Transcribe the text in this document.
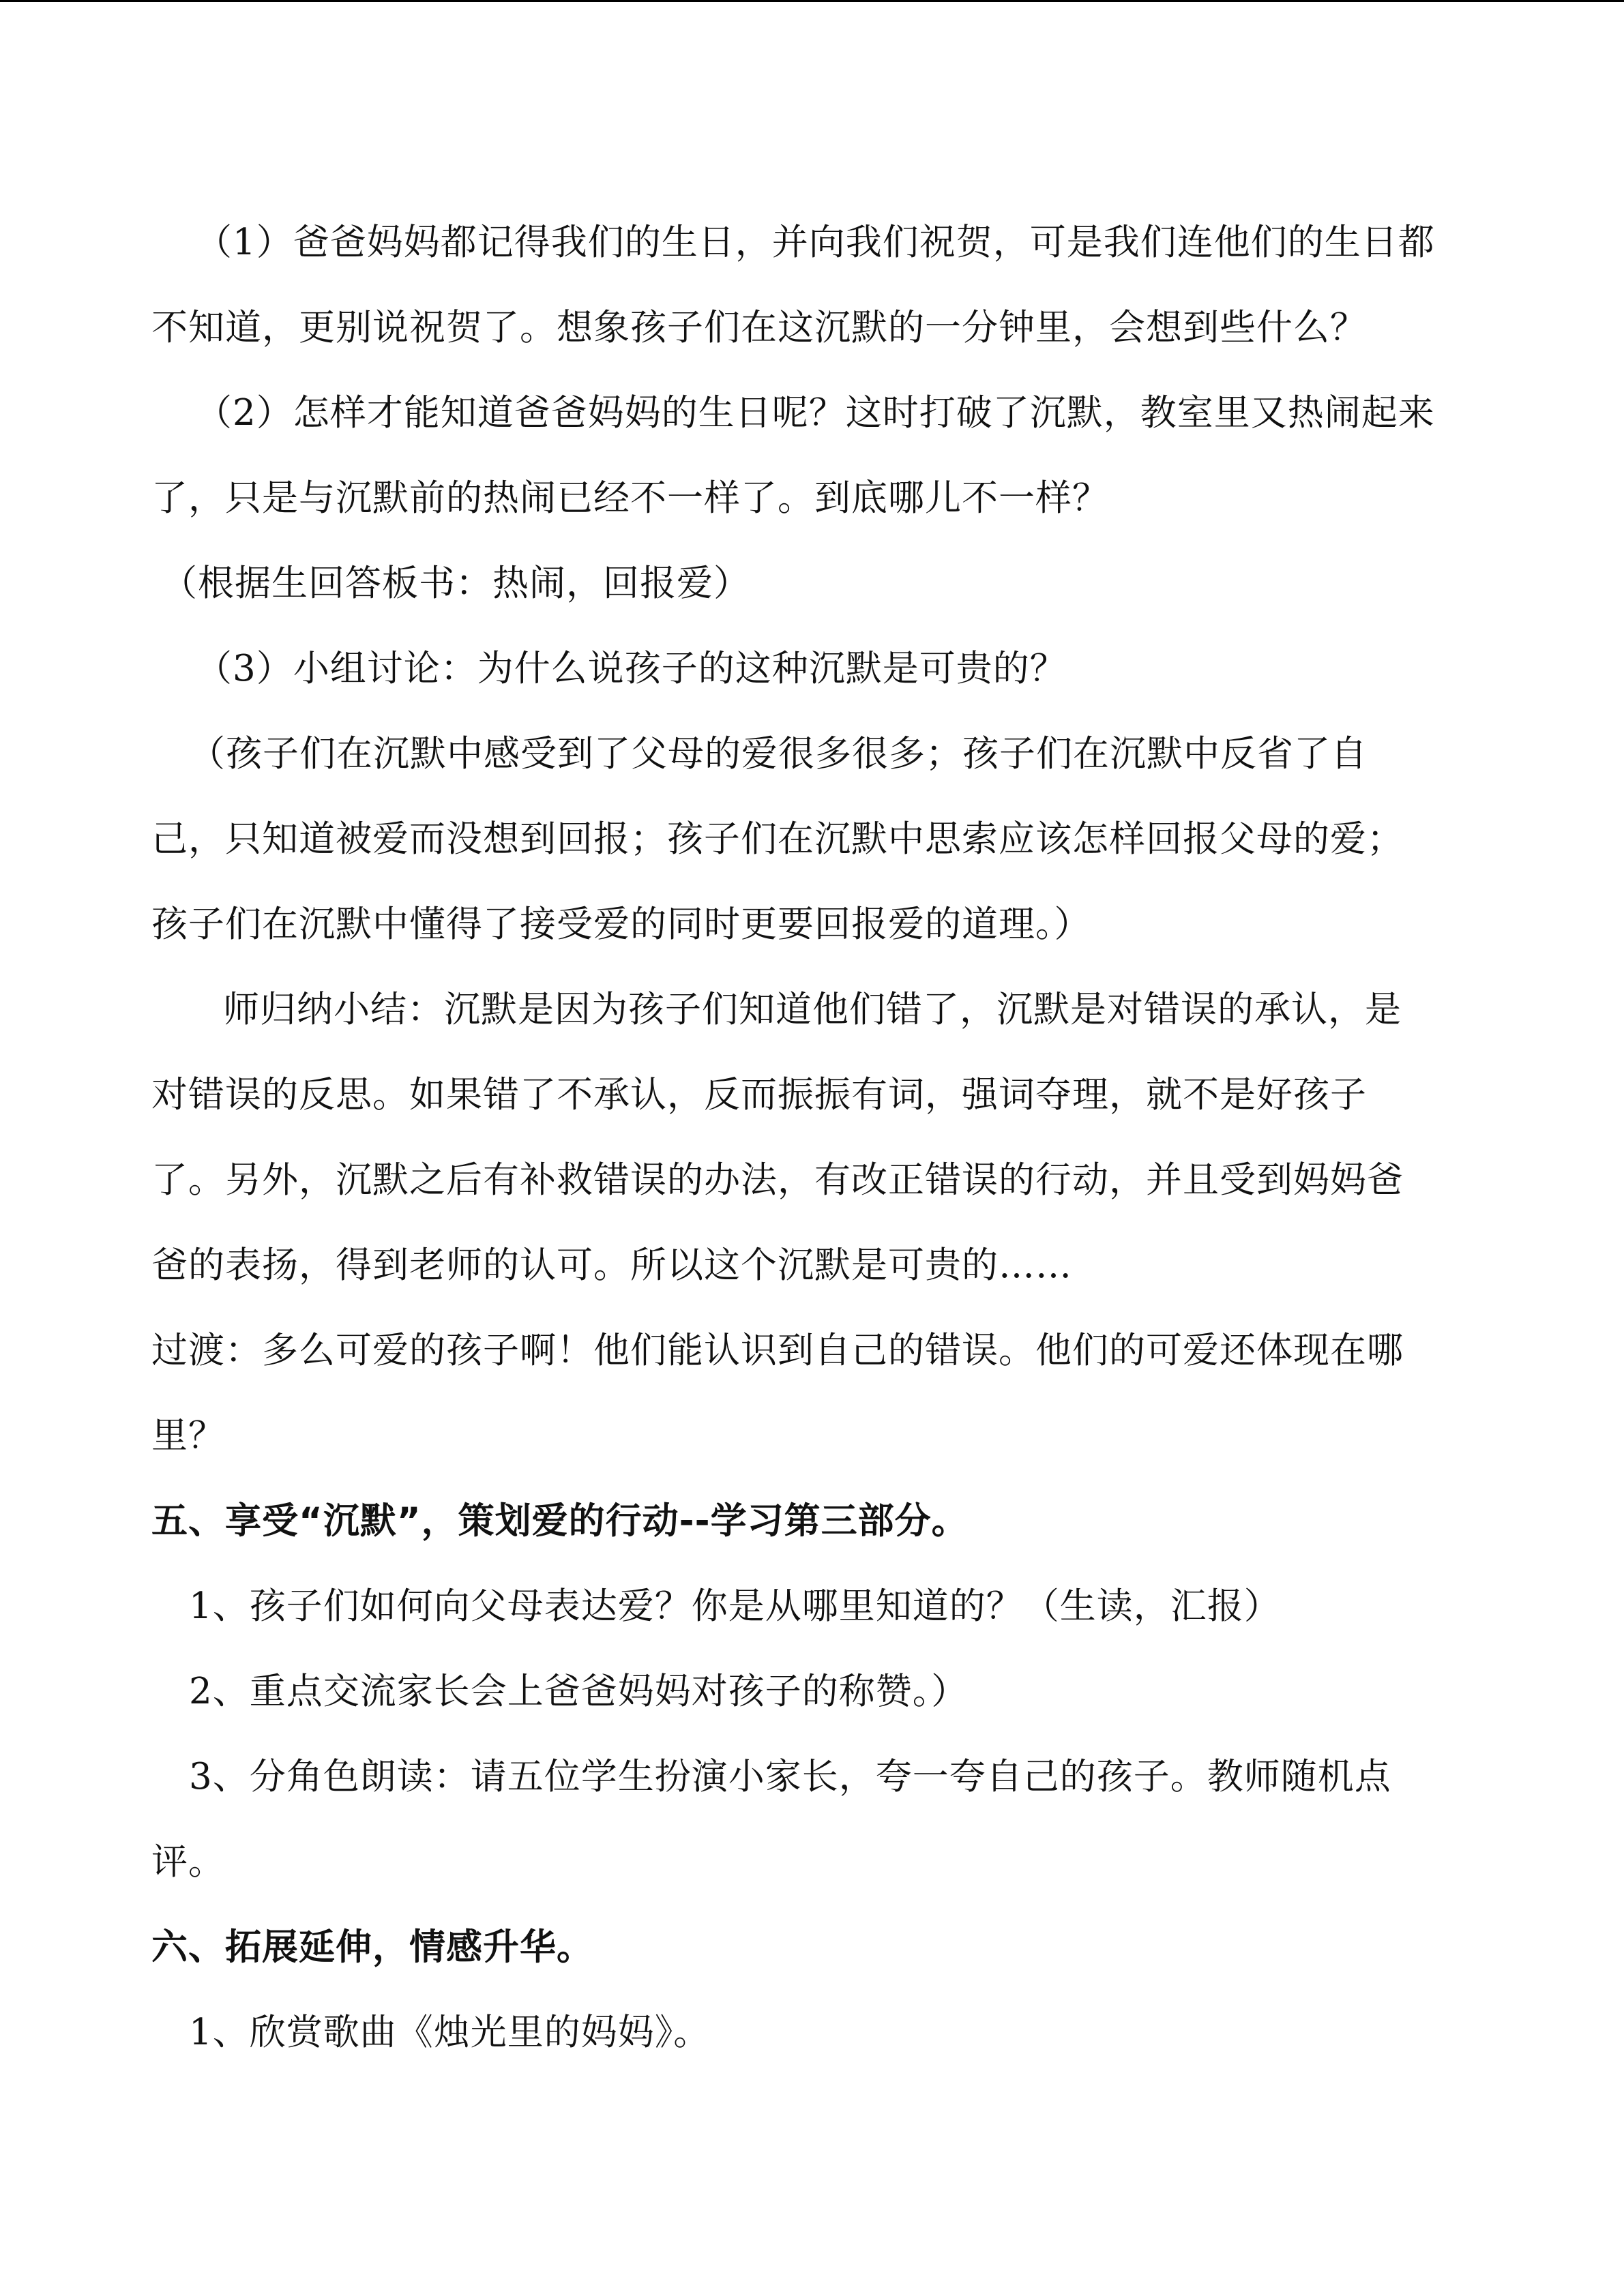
（1）爸爸妈妈都记得我们的生日，并向我们祝贺，可是我们连他们的生日都
不知道，更别说祝贺了。想象孩子们在这沉默的一分钟里，会想到些什么？
（2）怎样才能知道爸爸妈妈的生日呢？这时打破了沉默，教室里又热闹起来
了，只是与沉默前的热闹已经不一样了。到底哪儿不一样？
（根据生回答板书：热闹，回报爱）
（3）小组讨论：为什么说孩子的这种沉默是可贵的？
（孩子们在沉默中感受到了父母的爱很多很多；孩子们在沉默中反省了自
己，只知道被爱而没想到回报；孩子们在沉默中思索应该怎样回报父母的爱；
孩子们在沉默中懂得了接受爱的同时更要回报爱的道理。）
师归纳小结：沉默是因为孩子们知道他们错了，沉默是对错误的承认，是
对错误的反思。如果错了不承认，反而振振有词，强词夺理，就不是好孩子
了。另外，沉默之后有补救错误的办法，有改正错误的行动，并且受到妈妈爸
爸的表扬，得到老师的认可。所以这个沉默是可贵的……
过渡：多么可爱的孩子啊！他们能认识到自己的错误。他们的可爱还体现在哪
里？
五、享受“沉默”，策划爱的行动--学习第三部分。
1、孩子们如何向父母表达爱？你是从哪里知道的？（生读，汇报）
2、重点交流家长会上爸爸妈妈对孩子的称赞。）
3、分角色朗读：请五位学生扮演小家长，夸一夸自己的孩子。教师随机点
评。
六、拓展延伸，情感升华。
1、欣赏歌曲《烛光里的妈妈》。
